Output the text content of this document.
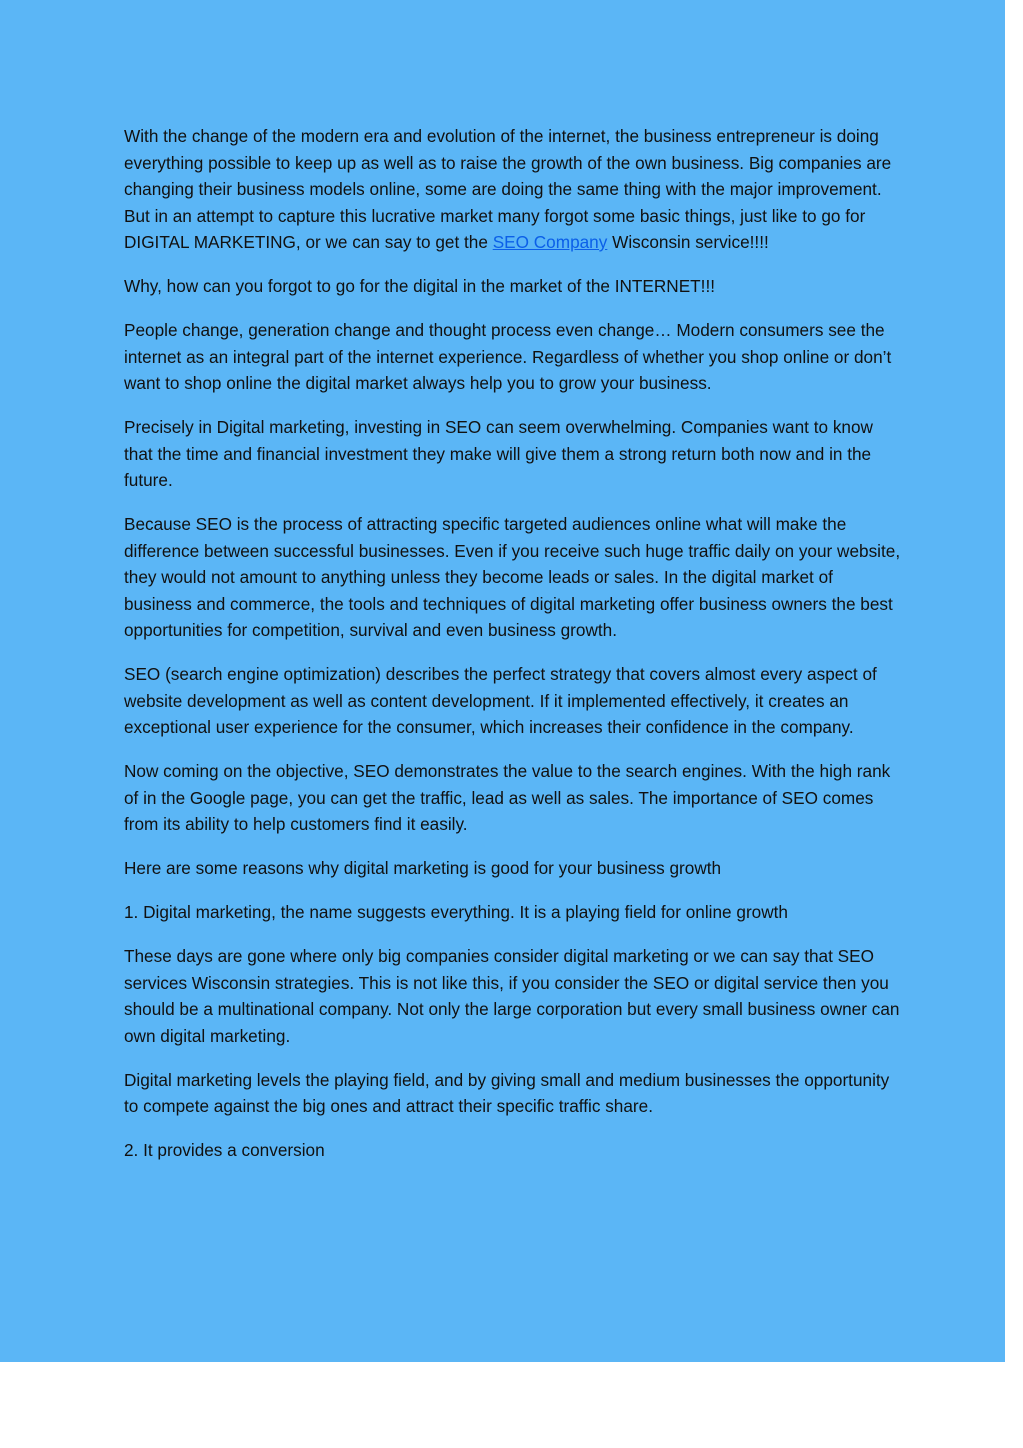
With the change of the modern era and evolution of the internet, the business entrepreneur is doing everything possible to keep up as well as to raise the growth of the own business. Big companies are changing their business models online, some are doing the same thing with the major improvement. But in an attempt to capture this lucrative market many forgot some basic things, just like to go for DIGITAL MARKETING, or we can say to get the SEO Company Wisconsin service!!!!

Why, how can you forgot to go for the digital in the market of the INTERNET!!!

People change, generation change and thought process even change… Modern consumers see the internet as an integral part of the internet experience. Regardless of whether you shop online or don’t want to shop online the digital market always help you to grow your business.

Precisely in Digital marketing, investing in SEO can seem overwhelming. Companies want to know that the time and financial investment they make will give them a strong return both now and in the future.

Because SEO is the process of attracting specific targeted audiences online what will make the difference between successful businesses. Even if you receive such huge traffic daily on your website, they would not amount to anything unless they become leads or sales. In the digital market of business and commerce, the tools and techniques of digital marketing offer business owners the best opportunities for competition, survival and even business growth.

SEO (search engine optimization) describes the perfect strategy that covers almost every aspect of website development as well as content development. If it implemented effectively, it creates an exceptional user experience for the consumer, which increases their confidence in the company.

Now coming on the objective, SEO demonstrates the value to the search engines. With the high rank of in the Google page, you can get the traffic, lead as well as sales. The importance of SEO comes from its ability to help customers find it easily.

Here are some reasons why digital marketing is good for your business growth

1. Digital marketing, the name suggests everything. It is a playing field for online growth

These days are gone where only big companies consider digital marketing or we can say that SEO services Wisconsin strategies. This is not like this, if you consider the SEO or digital service then you should be a multinational company. Not only the large corporation but every small business owner can own digital marketing.

Digital marketing levels the playing field, and by giving small and medium businesses the opportunity to compete against the big ones and attract their specific traffic share.

2. It provides a conversion
